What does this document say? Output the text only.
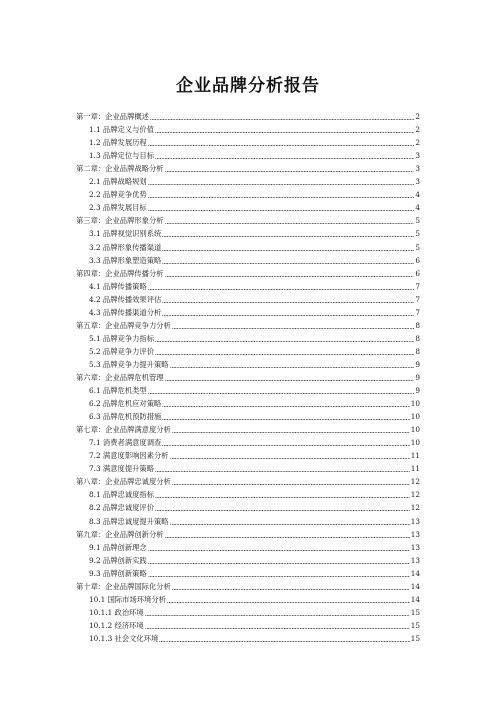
企业品牌分析报告
第一章：企业品牌概述	2
1.1 品牌定义与价值	2
1.2 品牌发展历程	2
1.3 品牌定位与目标	3
第二章：企业品牌战略分析	3
2.1 品牌战略规划	3
2.2 品牌竞争优势	4
2.3 品牌发展目标	4
第三章：企业品牌形象分析	5
3.1 品牌视觉识别系统	5
3.2 品牌形象传播渠道	5
3.3 品牌形象塑造策略	6
第四章：企业品牌传播分析	6
4.1 品牌传播策略	7
4.2 品牌传播效果评估	7
4.3 品牌传播渠道分析	7
第五章：企业品牌竞争力分析	8
5.1 品牌竞争力指标	8
5.2 品牌竞争力评价	8
5.3 品牌竞争力提升策略	9
第六章：企业品牌危机管理	9
6.1 品牌危机类型	9
6.2 品牌危机应对策略	10
6.3 品牌危机预防措施	10
第七章：企业品牌满意度分析	10
7.1 消费者满意度调查	10
7.2 满意度影响因素分析	11
7.3 满意度提升策略	11
第八章：企业品牌忠诚度分析	12
8.1 品牌忠诚度指标	12
8.2 品牌忠诚度评价	12
8.3 品牌忠诚度提升策略	13
第九章：企业品牌创新分析	13
9.1 品牌创新理念	13
9.2 品牌创新实践	13
9.3 品牌创新策略	14
第十章：企业品牌国际化分析	14
10.1 国际市场环境分析	14
10.1.1 政治环境	15
10.1.2 经济环境	15
10.1.3 社会文化环境	15
